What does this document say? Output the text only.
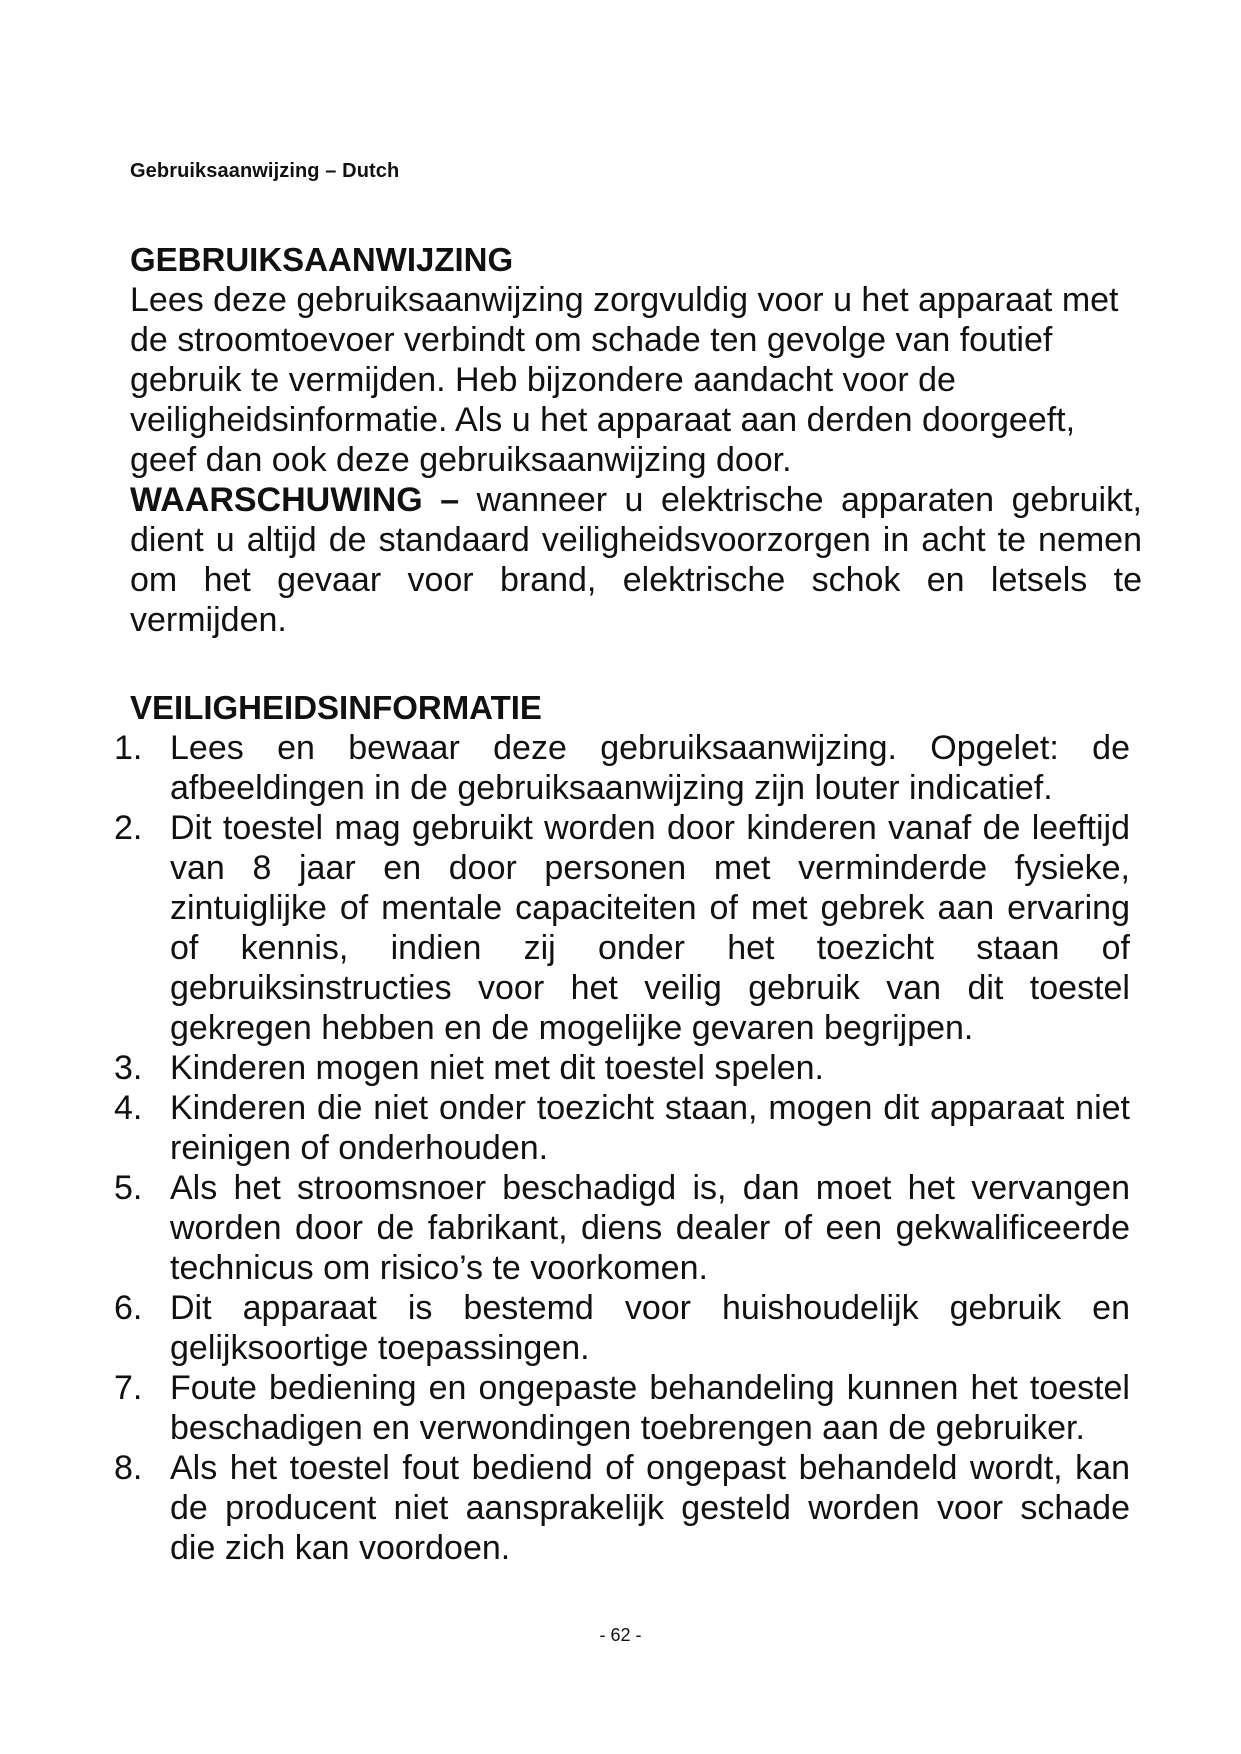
Gebruiksaanwijzing – Dutch
GEBRUIKSAANWIJZING

Lees deze gebruiksaanwijzing zorgvuldig voor u het apparaat met de stroomtoevoer verbindt om schade ten gevolge van foutief gebruik te vermijden. Heb bijzondere aandacht voor de veiligheidsinformatie. Als u het apparaat aan derden doorgeeft, geef dan ook deze gebruiksaanwijzing door.

WAARSCHUWING – wanneer u elektrische apparaten gebruikt, dient u altijd de standaard veiligheidsvoorzorgen in acht te nemen om het gevaar voor brand, elektrische schok en letsels te vermijden.

VEILIGHEIDSINFORMATIE
1. Lees en bewaar deze gebruiksaanwijzing. Opgelet: de afbeeldingen in de gebruiksaanwijzing zijn louter indicatief.
2. Dit toestel mag gebruikt worden door kinderen vanaf de leeftijd van 8 jaar en door personen met verminderde fysieke, zintuiglijke of mentale capaciteiten of met gebrek aan ervaring of kennis, indien zij onder het toezicht staan of gebruiksinstructies voor het veilig gebruik van dit toestel gekregen hebben en de mogelijke gevaren begrijpen.
3. Kinderen mogen niet met dit toestel spelen.
4. Kinderen die niet onder toezicht staan, mogen dit apparaat niet reinigen of onderhouden.
5. Als het stroomsnoer beschadigd is, dan moet het vervangen worden door de fabrikant, diens dealer of een gekwalificeerde technicus om risico’s te voorkomen.
6. Dit apparaat is bestemd voor huishoudelijk gebruik en gelijksoortige toepassingen.
7. Foute bediening en ongepaste behandeling kunnen het toestel beschadigen en verwondingen toebrengen aan de gebruiker.
8. Als het toestel fout bediend of ongepast behandeld wordt, kan de producent niet aansprakelijk gesteld worden voor schade die zich kan voordoen.
- 62 -
